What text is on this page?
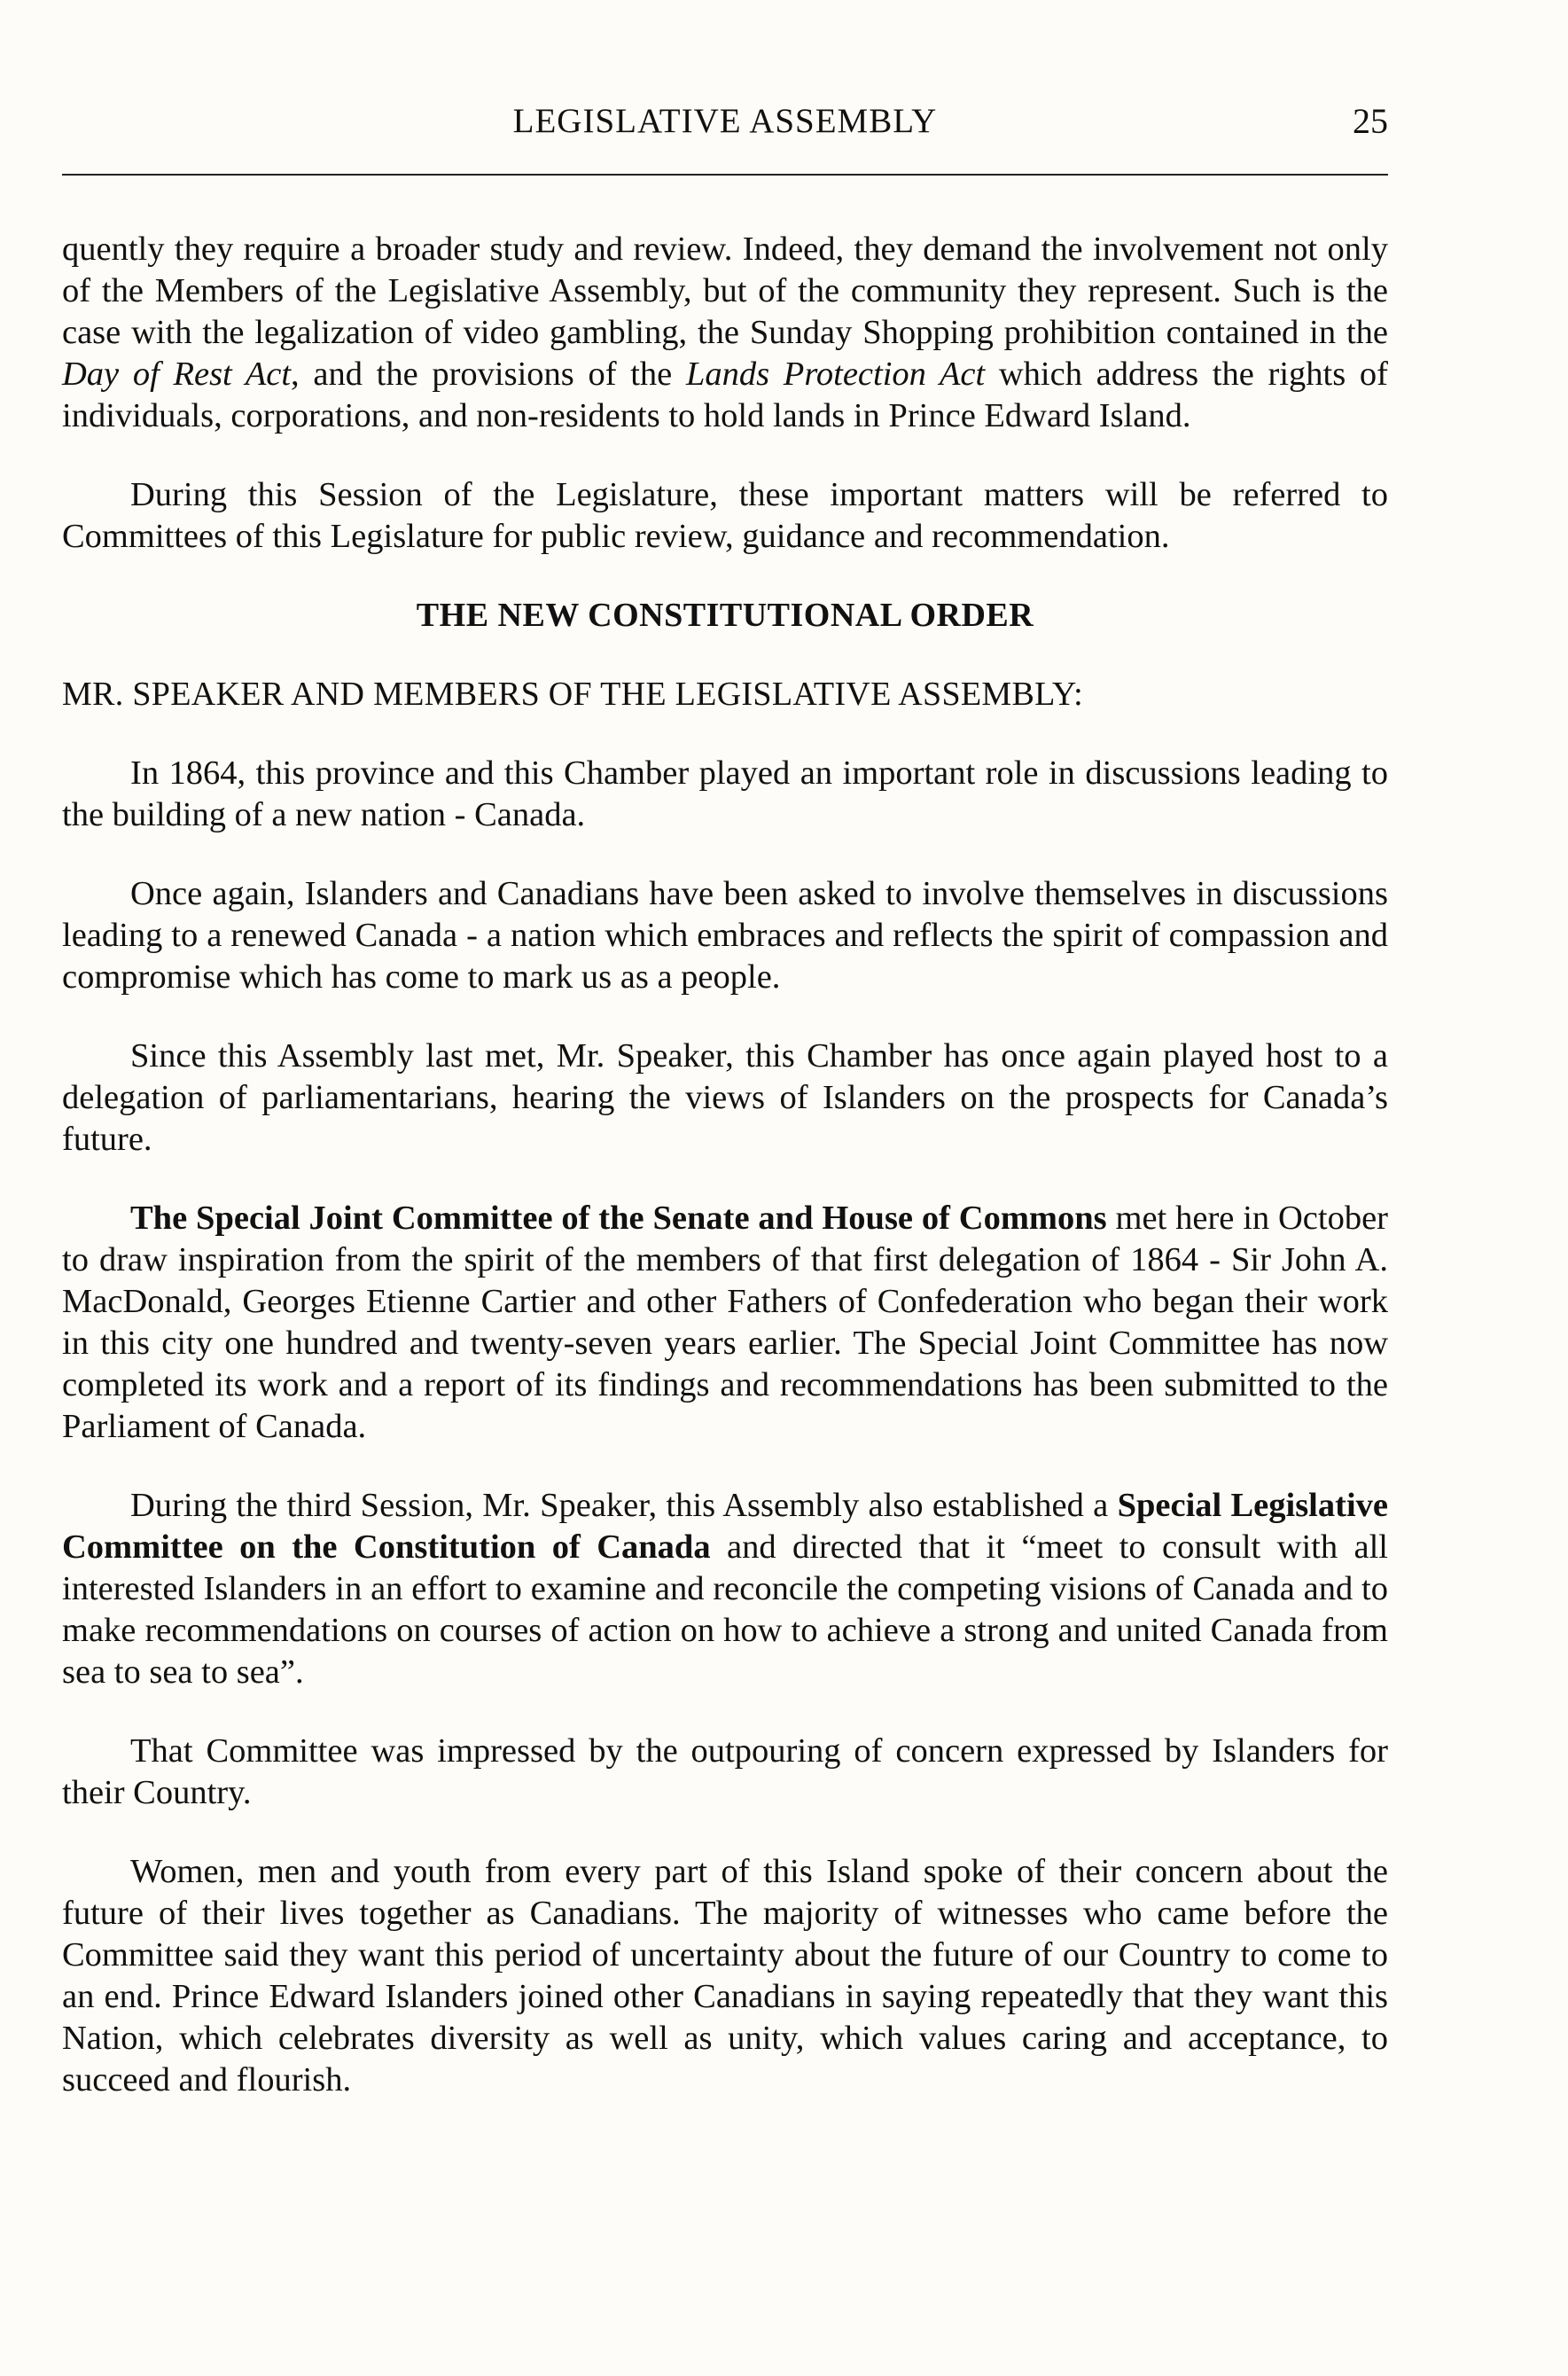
LEGISLATIVE ASSEMBLY	25

quently they require a broader study and review. Indeed, they demand the involvement not only of the Members of the Legislative Assembly, but of the community they represent. Such is the case with the legalization of video gambling, the Sunday Shopping prohibition contained in the Day of Rest Act, and the provisions of the Lands Protection Act which address the rights of individuals, corporations, and non-residents to hold lands in Prince Edward Island.

During this Session of the Legislature, these important matters will be referred to Committees of this Legislature for public review, guidance and recommendation.

THE NEW CONSTITUTIONAL ORDER
MR. SPEAKER AND MEMBERS OF THE LEGISLATIVE ASSEMBLY:

In 1864, this province and this Chamber played an important role in discussions leading to the building of a new nation - Canada.

Once again, Islanders and Canadians have been asked to involve themselves in discussions leading to a renewed Canada - a nation which embraces and reflects the spirit of compassion and compromise which has come to mark us as a people.

Since this Assembly last met, Mr. Speaker, this Chamber has once again played host to a delegation of parliamentarians, hearing the views of Islanders on the prospects for Canada’s future.

The Special Joint Committee of the Senate and House of Commons met here in October to draw inspiration from the spirit of the members of that first delegation of 1864 - Sir John A. MacDonald, Georges Etienne Cartier and other Fathers of Confederation who began their work in this city one hundred and twenty-seven years earlier. The Special Joint Committee has now completed its work and a report of its findings and recommendations has been submitted to the Parliament of Canada.

During the third Session, Mr. Speaker, this Assembly also established a Special Legislative Committee on the Constitution of Canada and directed that it “meet to consult with all interested Islanders in an effort to examine and reconcile the competing visions of Canada and to make recommendations on courses of action on how to achieve a strong and united Canada from sea to sea to sea”.

That Committee was impressed by the outpouring of concern expressed by Islanders for their Country.

Women, men and youth from every part of this Island spoke of their concern about the future of their lives together as Canadians. The majority of witnesses who came before the Committee said they want this period of uncertainty about the future of our Country to come to an end. Prince Edward Islanders joined other Canadians in saying repeatedly that they want this Nation, which celebrates diversity as well as unity, which values caring and acceptance, to succeed and flourish.
